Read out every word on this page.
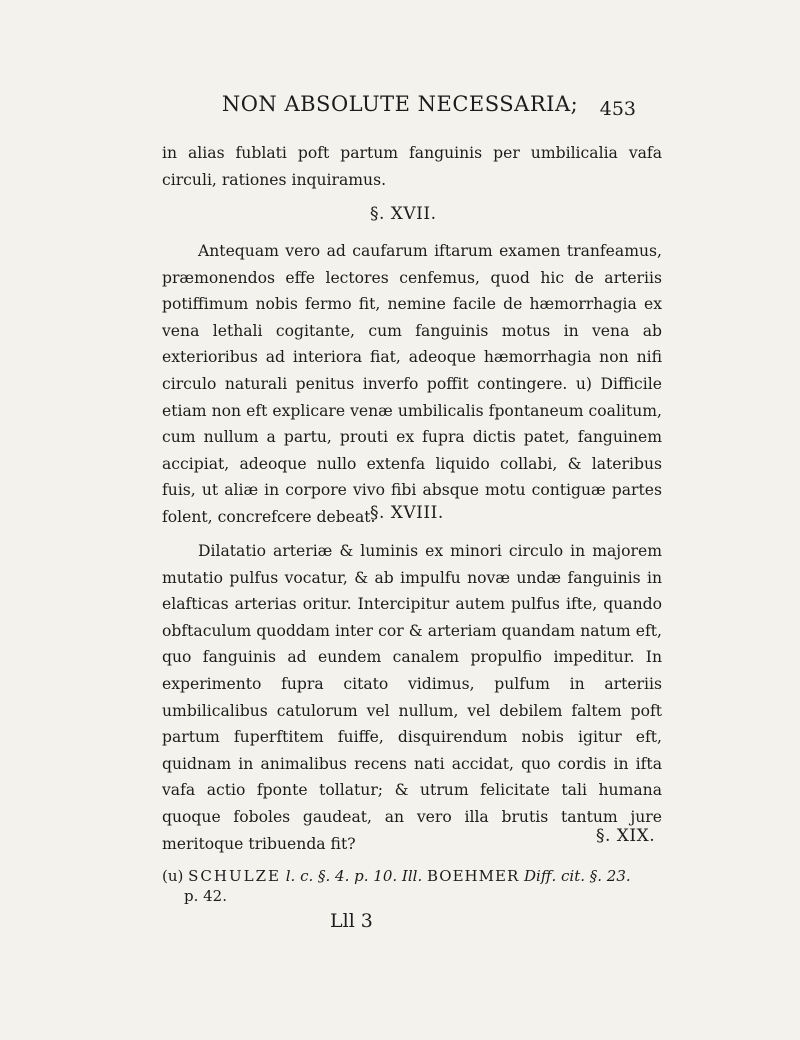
NON ABSOLUTE NECESSARIA;	453

in alias fublati poft partum fanguinis per umbilicalia vafa circuli, rationes inquiramus.

§. XVII.

Antequam vero ad caufarum iftarum examen tranfeamus, præmonendos effe lectores cenfemus, quod hic de arteriis potiffimum nobis fermo fit, nemine facile de hæmorrhagia ex vena lethali cogitante, cum fanguinis motus in vena ab exterioribus ad interiora fiat, adeoque hæmorrhagia non nifi circulo naturali penitus inverfo poffit contingere. u) Difficile etiam non eft explicare venæ umbilicalis fpontaneum coalitum, cum nullum a partu, prouti ex fupra dictis patet, fanguinem accipiat, adeoque nullo extenfa liquido collabi, & lateribus fuis, ut aliæ in corpore vivo fibi absque motu contiguæ partes folent, concrefcere debeat.

§. XVIII.

Dilatatio arteriæ & luminis ex minori circulo in majorem mutatio pulfus vocatur, & ab impulfu novæ undæ fanguinis in elafticas arterias oritur. Intercipitur autem pulfus ifte, quando obftaculum quoddam inter cor & arteriam quandam natum eft, quo fanguinis ad eundem canalem propulfio impeditur. In experimento fupra citato vidimus, pulfum in arteriis umbilicalibus catulorum vel nullum, vel debilem faltem poft partum fuperftitem fuiffe, disquirendum nobis igitur eft, quidnam in animalibus recens nati accidat, quo cordis in ifta vafa actio fponte tollatur; & utrum felicitate tali humana quoque foboles gaudeat, an vero illa brutis tantum jure meritoque tribuenda fit?	§. XIX.
(u) SCHULZE l. c. §. 4. p. 10. Ill. BOEHMER Diff. cit. §. 23.
p. 42.
Lll 3
